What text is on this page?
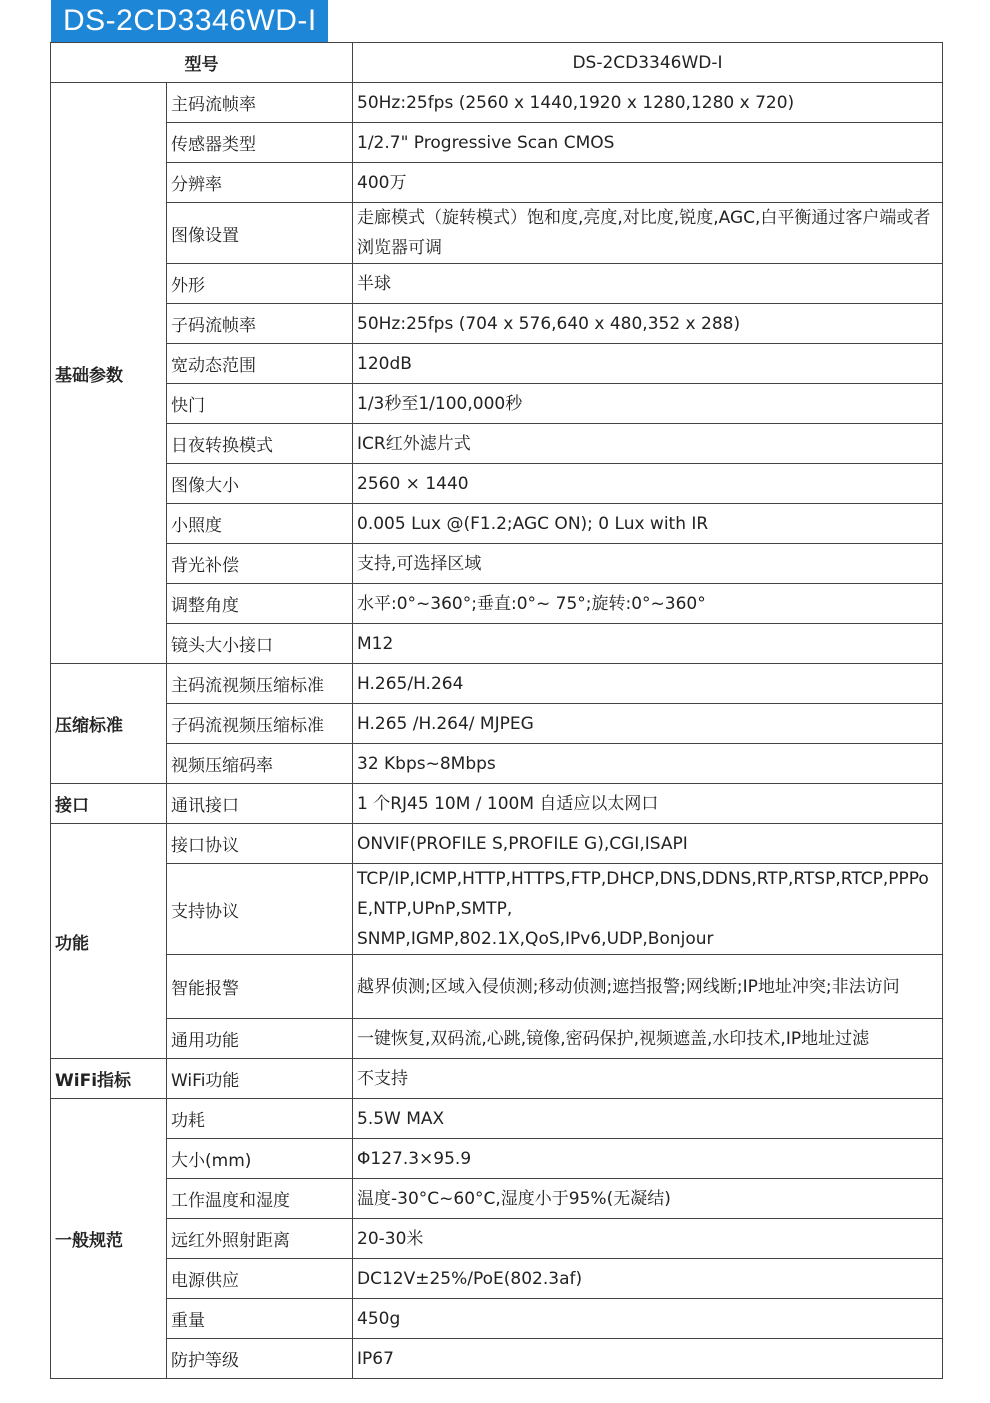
DS-2CD3346WD-I
型号		DS-2CD3346WD-I
基础参数	主码流帧率	50Hz:25fps (2560 x 1440,1920 x 1280,1280 x 720)
	传感器类型	1/2.7" Progressive Scan CMOS
	分辨率	400万
	图像设置	走廊模式（旋转模式）饱和度,亮度,对比度,锐度,AGC,白平衡通过客户端或者浏览器可调
	外形	半球
	子码流帧率	50Hz:25fps (704 x 576,640 x 480,352 x 288)
	宽动态范围	120dB
	快门	1/3秒至1/100,000秒
	日夜转换模式	ICR红外滤片式
	图像大小	2560 × 1440
	小照度	0.005 Lux @(F1.2;AGC ON); 0 Lux with IR
	背光补偿	支持,可选择区域
	调整角度	水平:0°~360°;垂直:0°~ 75°;旋转:0°~360°
	镜头大小接口	M12
压缩标准	主码流视频压缩标准	H.265/H.264
	子码流视频压缩标准	H.265 /H.264/ MJPEG
	视频压缩码率	32 Kbps~8Mbps
接口	通讯接口	1 个RJ45 10M / 100M 自适应以太网口
功能	接口协议	ONVIF(PROFILE S,PROFILE G),CGI,ISAPI
	支持协议	TCP/IP,ICMP,HTTP,HTTPS,FTP,DHCP,DNS,DDNS,RTP,RTSP,RTCP,PPPoE,NTP,UPnP,SMTP,
SNMP,IGMP,802.1X,QoS,IPv6,UDP,Bonjour
	智能报警	越界侦测;区域入侵侦测;移动侦测;遮挡报警;网线断;IP地址冲突;非法访问
	通用功能	一键恢复,双码流,心跳,镜像,密码保护,视频遮盖,水印技术,IP地址过滤
WiFi指标	WiFi功能	不支持
一般规范	功耗	5.5W MAX
	大小(mm)	Φ127.3×95.9
	工作温度和湿度	温度-30°C~60°C,湿度小于95%(无凝结)
	远红外照射距离	20-30米
	电源供应	DC12V±25%/PoE(802.3af)
	重量	450g
	防护等级	IP67
